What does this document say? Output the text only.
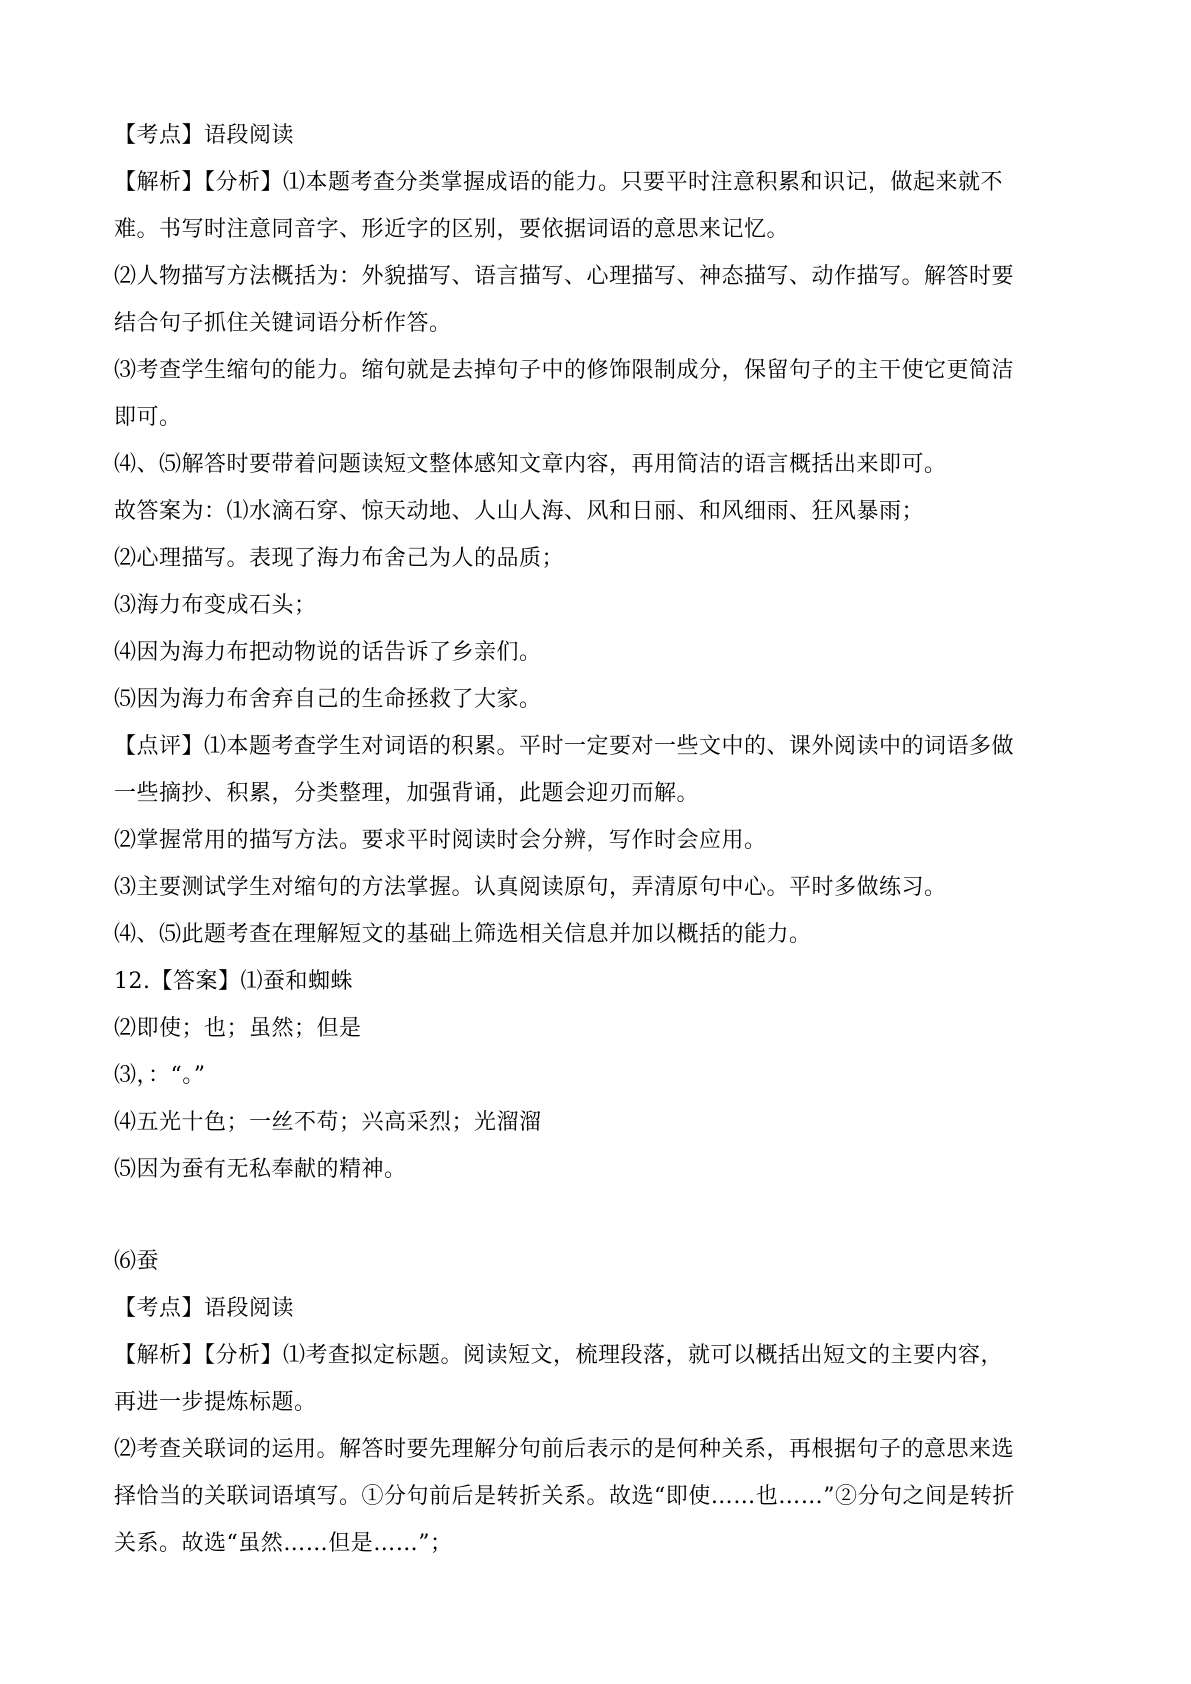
【考点】语段阅读
【解析】【分析】⑴本题考查分类掌握成语的能力。只要平时注意积累和识记，做起来就不
难。书写时注意同音字、形近字的区别，要依据词语的意思来记忆。
⑵人物描写方法概括为：外貌描写、语言描写、心理描写、神态描写、动作描写。解答时要
结合句子抓住关键词语分析作答。
⑶考查学生缩句的能力。缩句就是去掉句子中的修饰限制成分，保留句子的主干使它更简洁
即可。
⑷、⑸解答时要带着问题读短文整体感知文章内容，再用简洁的语言概括出来即可。
故答案为：⑴水滴石穿、惊天动地、人山人海、风和日丽、和风细雨、狂风暴雨；
⑵心理描写。表现了海力布舍己为人的品质；
⑶海力布变成石头；
⑷因为海力布把动物说的话告诉了乡亲们。
⑸因为海力布舍弃自己的生命拯救了大家。
【点评】⑴本题考查学生对词语的积累。平时一定要对一些文中的、课外阅读中的词语多做
一些摘抄、积累，分类整理，加强背诵，此题会迎刃而解。
⑵掌握常用的描写方法。要求平时阅读时会分辨，写作时会应用。
⑶主要测试学生对缩句的方法掌握。认真阅读原句，弄清原句中心。平时多做练习。
⑷、⑸此题考查在理解短文的基础上筛选相关信息并加以概括的能力。
12.【答案】⑴蚕和蜘蛛
⑵即使；也；虽然；但是
⑶，：“。”
⑷五光十色；一丝不苟；兴高采烈；光溜溜
⑸因为蚕有无私奉献的精神。
⑹蚕
【考点】语段阅读
【解析】【分析】⑴考查拟定标题。阅读短文，梳理段落，就可以概括出短文的主要内容，
再进一步提炼标题。
⑵考查关联词的运用。解答时要先理解分句前后表示的是何种关系，再根据句子的意思来选
择恰当的关联词语填写。①分句前后是转折关系。故选“即使……也……”②分句之间是转折
关系。故选“虽然……但是……”；
